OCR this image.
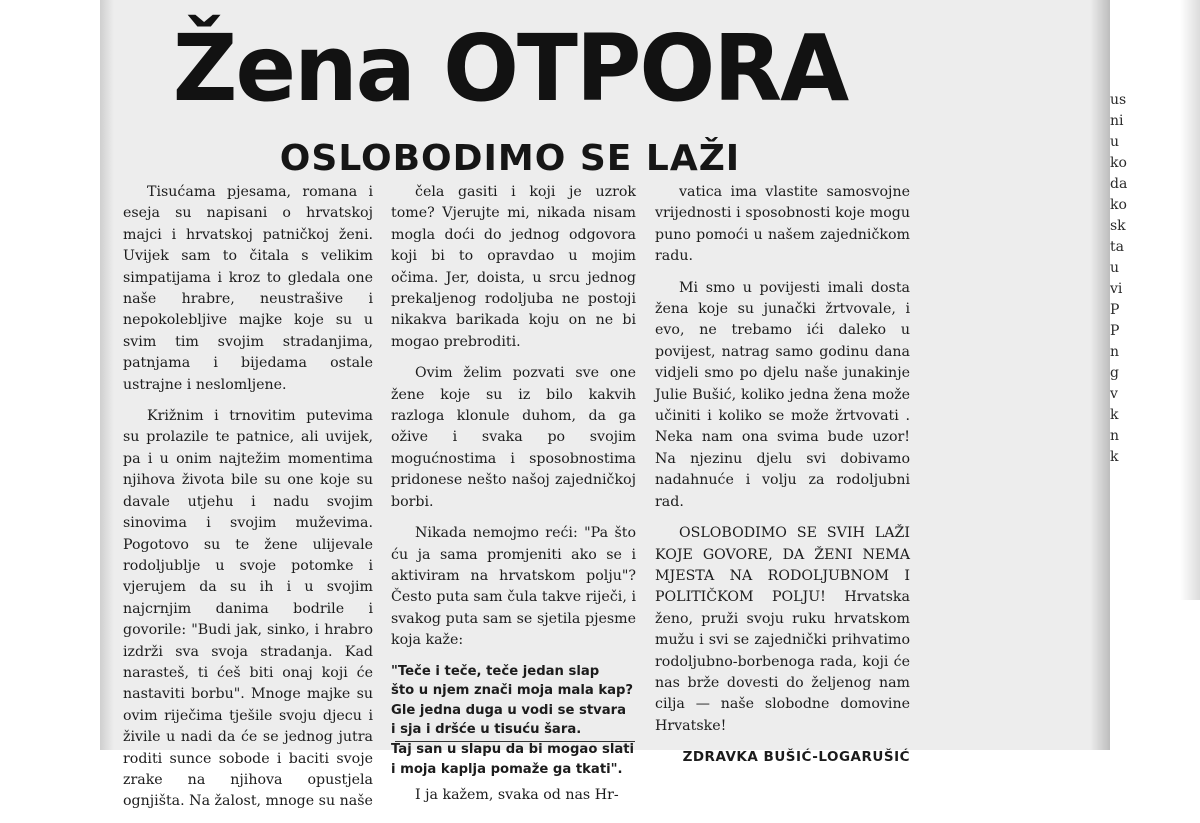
Žena OTPORA
OSLOBODIMO SE LAŽI

Tisućama pjesama, romana i eseja su napisani o hrvatskoj majci i hrvatskoj patničkoj ženi. Uvijek sam to čitala s velikim simpatijama i kroz to gledala one naše hrabre, neustrašive i nepokolebljive majke koje su u svim tim svojim stradanjima, patnjama i bijedama ostale ustrajne i neslomljene.

Križnim i trnovitim putevima su prolazile te patnice, ali uvijek, pa i u onim najtežim momentima njihova života bile su one koje su davale utjehu i nadu svojim sinovima i svojim muževima. Pogotovo su te žene ulijevale rodoljublje u svoje potomke i vjerujem da su ih i u svojim najcrnjim danima bodrile i govorile: "Budi jak, sinko, i hrabro izdrži sva svoja stradanja. Kad narasteš, ti ćeš biti onaj koji će nastaviti borbu". Mnoge majke su ovim riječima tješile svoju djecu i živile u nadi da će se jednog jutra roditi sunce sobode i baciti svoje zrake na njihova opustjela ognjišta. Na žalost, mnoge su naše

čela gasiti i koji je uzrok tome? Vjerujte mi, nikada nisam mogla doći do jednog odgovora koji bi to opravdao u mojim očima. Jer, doista, u srcu jednog prekaljenog rodoljuba ne postoji nikakva barikada koju on ne bi mogao prebroditi.

Ovim želim pozvati sve one žene koje su iz bilo kakvih razloga klonule duhom, da ga ožive i svaka po svojim mogućnostima i sposobnostima pridonese nešto našoj zajedničkoj borbi.

Nikada nemojmo reći: "Pa što ću ja sama promjeniti ako se i aktiviram na hrvatskom polju"? Često puta sam čula takve riječi, i svakog puta sam se sjetila pjesme koja kaže:

"Teče i teče, teče jedan slap
što u njem znači moja mala kap?
Gle jedna duga u vodi se stvara
i sja i dršće u tisuću šara.
Taj san u slapu da bi mogao slati
i moja kaplja pomaže ga tkati".

I ja kažem, svaka od nas Hr-

vatica ima vlastite samosvojne vrijednosti i sposobnosti koje mogu puno pomoći u našem zajedničkom radu.

Mi smo u povijesti imali dosta žena koje su junački žrtvovale, i evo, ne trebamo ići daleko u povijest, natrag samo godinu dana vidjeli smo po djelu naše junakinje Julie Bušić, koliko jedna žena može učiniti i koliko se može žrtvovati . Neka nam ona svima bude uzor! Na njezinu djelu svi dobivamo nadahnuće i volju za rodoljubni rad.

OSLOBODIMO SE SVIH LAŽI KOJE GOVORE, DA ŽENI NEMA MJESTA NA RODOLJUBNOM I POLITIČKOM POLJU! Hrvatska ženo, pruži svoju ruku hrvatskom mužu i svi se zajednički prihvatimo rodoljubno-borbenoga rada, koji će nas brže dovesti do željenog nam cilja — naše slobodne domovine Hrvatske!

ZDRAVKA BUŠIĆ-LOGARUŠIĆ
us
ni
u
ko
da
ko
sk
ta
u
vi
P
P
n
g
v
k
n
k
